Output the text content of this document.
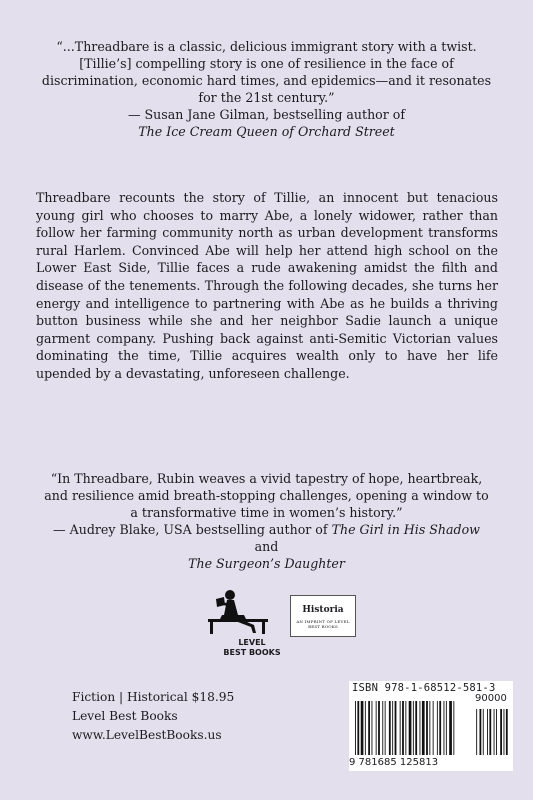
“...Threadbare is a classic, delicious immigrant story with a twist. [Tillie’s] compelling story is one of resilience in the face of discrimination, economic hard times, and epidemics—and it resonates for the 21st century.”

— Susan Jane Gilman, bestselling author of

The Ice Cream Queen of Orchard Street

Threadbare recounts the story of Tillie, an innocent but tenacious young girl who chooses to marry Abe, a lonely widower, rather than follow her farming community north as urban development transforms rural Harlem. Convinced Abe will help her attend high school on the Lower East Side, Tillie faces a rude awakening amidst the filth and disease of the tenements. Through the following decades, she turns her energy and intelligence to partnering with Abe as he builds a thriving button business while she and her neighbor Sadie launch a unique garment company. Pushing back against anti-Semitic Victorian values dominating the time, Tillie acquires wealth only to have her life upended by a devastating, unforeseen challenge.

“In Threadbare, Rubin weaves a vivid tapestry of hope, heartbreak, and resilience amid breath-stopping challenges, opening a window to a transformative time in women’s history.”

— Audrey Blake, USA bestselling author of The Girl in His Shadow and

The Surgeon’s Daughter

LEVEL
BEST BOOKS
Historia
AN IMPRINT OF LEVEL BEST BOOKS
Fiction | Historical $18.95
Level Best Books
www.LevelBestBooks.us
ISBN 978-1-68512-581-3
9 781685 125813
90000
